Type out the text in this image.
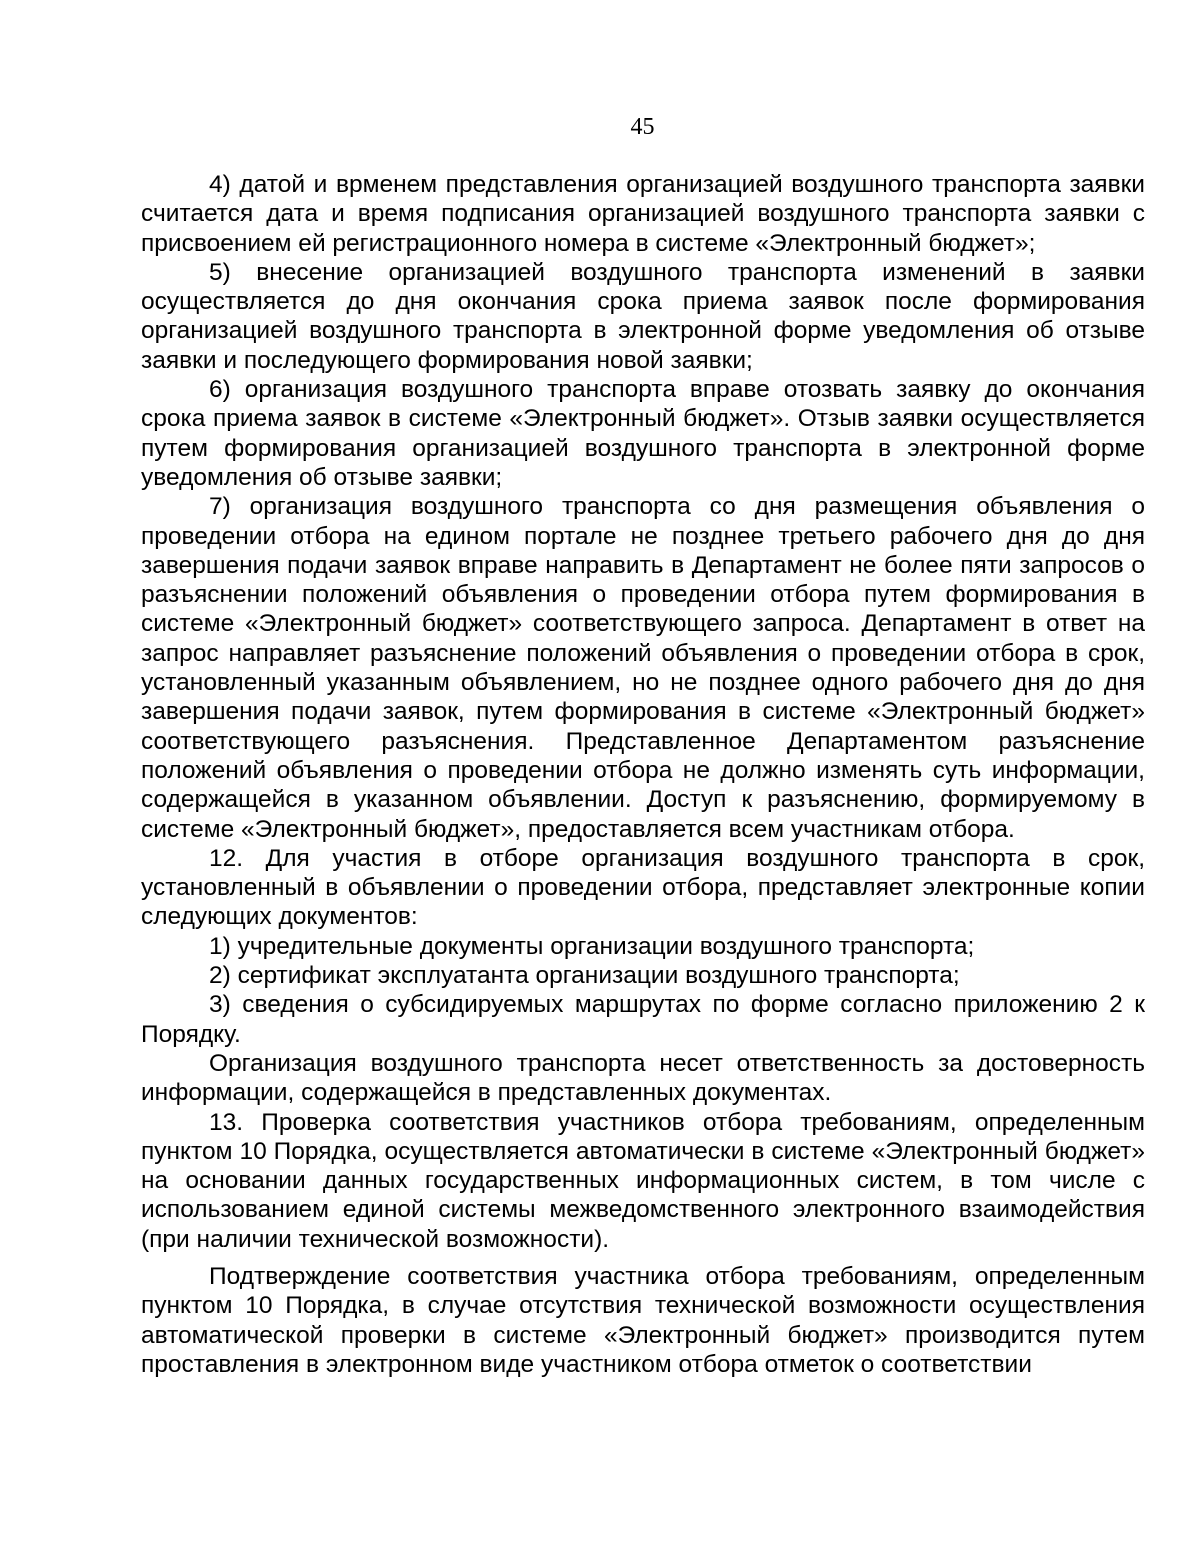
45

4) датой и врменем представления организацией воздушного транспорта заявки считается дата и время подписания организацией воздушного транспорта заявки с присвоением ей регистрационного номера в системе «Электронный бюджет»;

5) внесение организацией воздушного транспорта изменений в заявки осуществляется до дня окончания срока приема заявок после формирования организацией воздушного транспорта в электронной форме уведомления об отзыве заявки и последующего формирования новой заявки;

6) организация воздушного транспорта вправе отозвать заявку до окончания срока приема заявок в системе «Электронный бюджет». Отзыв заявки осуществляется путем формирования организацией воздушного транспорта в электронной форме уведомления об отзыве заявки;

7) организация воздушного транспорта со дня размещения объявления о проведении отбора на едином портале не позднее третьего рабочего дня до дня завершения подачи заявок вправе направить в Департамент не более пяти запросов о разъяснении положений объявления о проведении отбора путем формирования в системе «Электронный бюджет» соответствующего запроса. Департамент в ответ на запрос направляет разъяснение положений объявления о проведении отбора в срок, установленный указанным объявлением, но не позднее одного рабочего дня до дня завершения подачи заявок, путем формирования в системе «Электронный бюджет» соответствующего разъяснения. Представленное Департаментом разъяснение положений объявления о проведении отбора не должно изменять суть информации, содержащейся в указанном объявлении. Доступ к разъяснению, формируемому в системе «Электронный бюджет», предоставляется всем участникам отбора.

12. Для участия в отборе организация воздушного транспорта в срок, установленный в объявлении о проведении отбора, представляет электронные копии следующих документов:

1) учредительные документы организации воздушного транспорта;

2) сертификат эксплуатанта организации воздушного транспорта;

3) сведения о субсидируемых маршрутах по форме согласно приложению 2 к Порядку.

Организация воздушного транспорта несет ответственность за достоверность информации, содержащейся в представленных документах.

13. Проверка соответствия участников отбора требованиям, определенным пунктом 10 Порядка, осуществляется автоматически в системе «Электронный бюджет» на основании данных государственных информационных систем, в том числе с использованием единой системы межведомственного электронного взаимодействия (при наличии технической возможности).

Подтверждение соответствия участника отбора требованиям, определенным пунктом 10 Порядка, в случае отсутствия технической возможности осуществления автоматической проверки в системе «Электронный бюджет» производится путем проставления в электронном виде участником отбора отметок о соответствии
